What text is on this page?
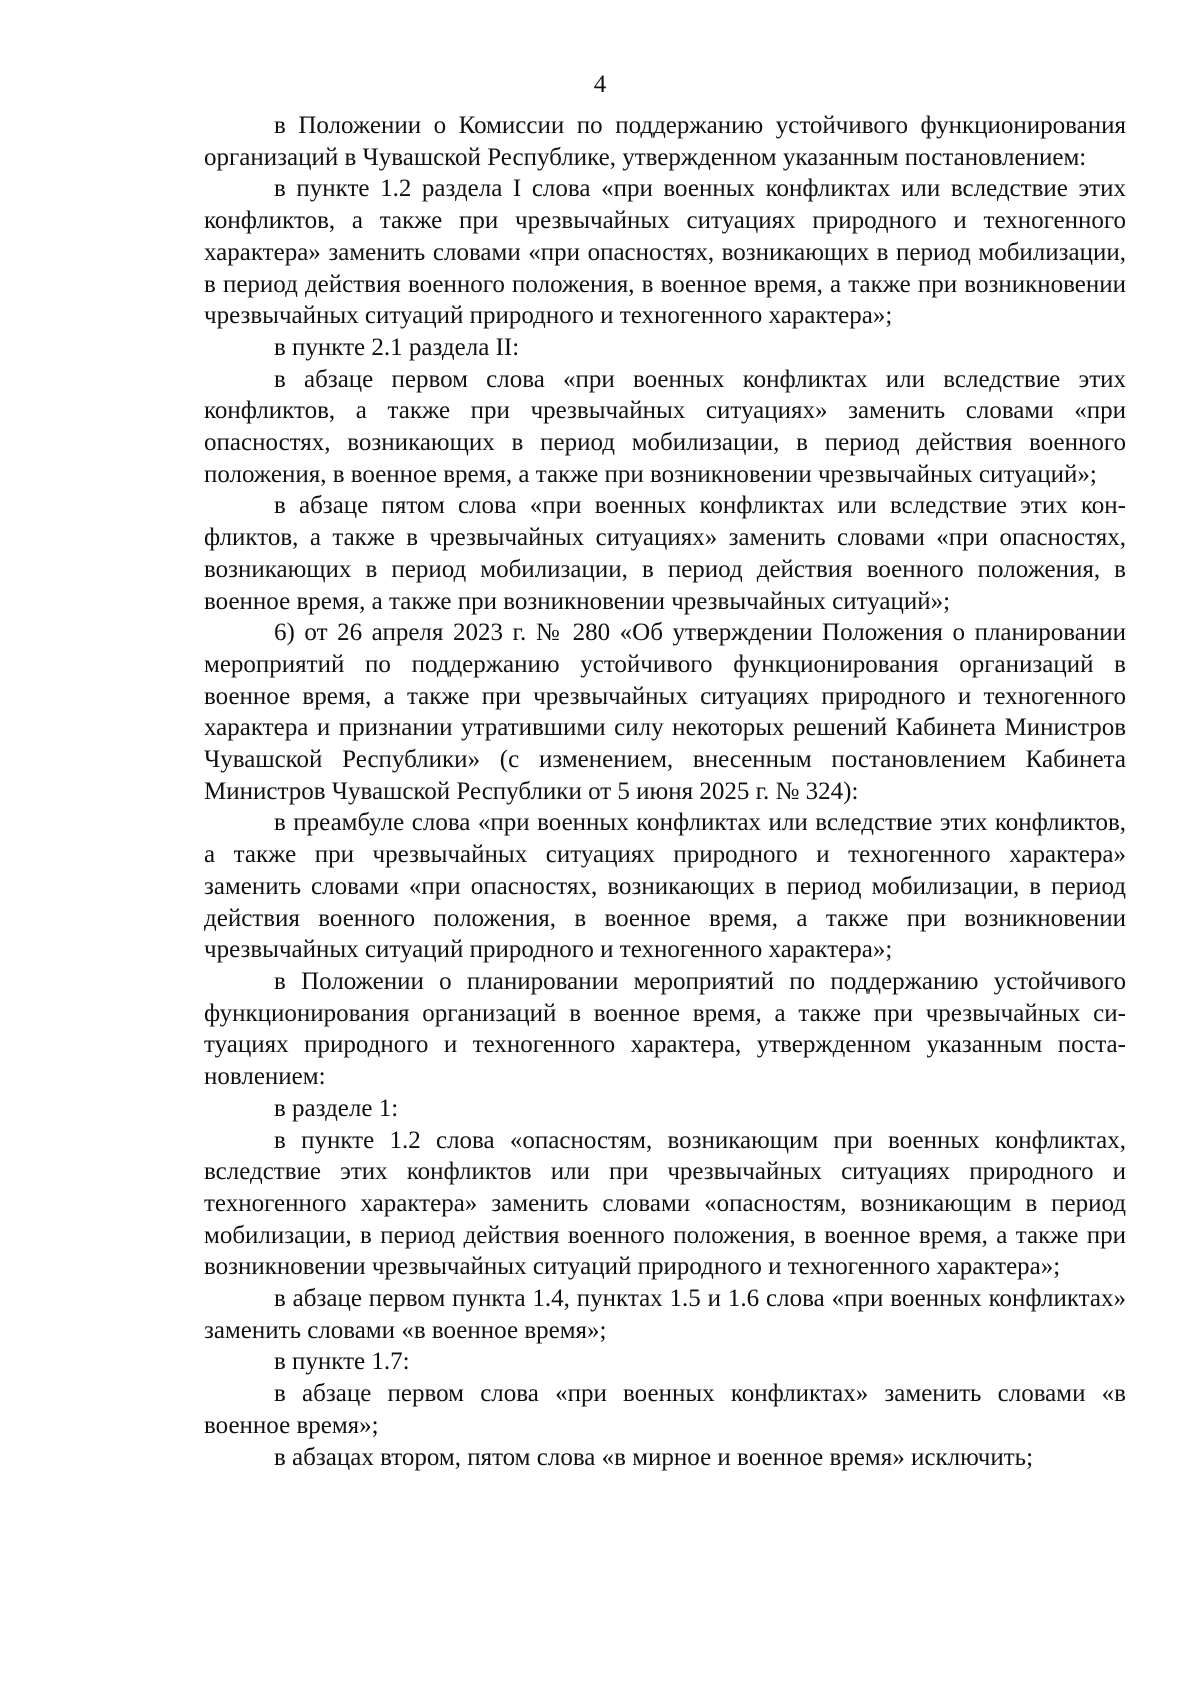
4

в Положении о Комиссии по поддержанию устойчивого функционирования организаций в Чувашской Республике, утвержденном указанным постановлением:

в пункте 1.2 раздела I слова «при военных конфликтах или вследствие этих конфликтов, а также при чрезвычайных ситуациях природного и техногенного характера» заменить словами «при опасностях, возникающих в период мобилизации, в период действия военного положения, в военное время, а также при возникновении чрезвычайных ситуаций природного и техногенного характера»;

в пункте 2.1 раздела II:

в абзаце первом слова «при военных конфликтах или вследствие этих конфликтов, а также при чрезвычайных ситуациях» заменить словами «при опасностях, возникающих в период мобилизации, в период действия военного положения, в военное время, а также при возникновении чрезвычайных ситуаций»;

в абзаце пятом слова «при военных конфликтах или вследствие этих конфликтов, а также в чрезвычайных ситуациях» заменить словами «при опасностях, возникающих в период мобилизации, в период действия военного положения, в военное время, а также при возникновении чрезвычайных ситуаций»;

6) от 26 апреля 2023 г. № 280 «Об утверждении Положения о планировании мероприятий по поддержанию устойчивого функционирования организаций в военное время, а также при чрезвычайных ситуациях природного и техногенного характера и признании утратившими силу некоторых решений Кабинета Министров Чувашской Республики» (с изменением, внесенным постановлением Кабинета Министров Чувашской Республики от 5 июня 2025 г. № 324):

в преамбуле слова «при военных конфликтах или вследствие этих конфликтов, а также при чрезвычайных ситуациях природного и техногенного характера» заменить словами «при опасностях, возникающих в период мобилизации, в период действия военного положения, в военное время, а также при возникновении чрезвычайных ситуаций природного и техногенного характера»;

в Положении о планировании мероприятий по поддержанию устойчивого функционирования организаций в военное время, а также при чрезвычайных ситуациях природного и техногенного характера, утвержденном указанным постановлением:

в разделе 1:

в пункте 1.2 слова «опасностям, возникающим при военных конфликтах, вследствие этих конфликтов или при чрезвычайных ситуациях природного и техногенного характера» заменить словами «опасностям, возникающим в период мобилизации, в период действия военного положения, в военное время, а также при возникновении чрезвычайных ситуаций природного и техногенного характера»;

в абзаце первом пункта 1.4, пунктах 1.5 и 1.6 слова «при военных конфликтах» заменить словами «в военное время»;

в пункте 1.7:

в абзаце первом слова «при военных конфликтах» заменить словами «в военное время»;

в абзацах втором, пятом слова «в мирное и военное время» исключить;
